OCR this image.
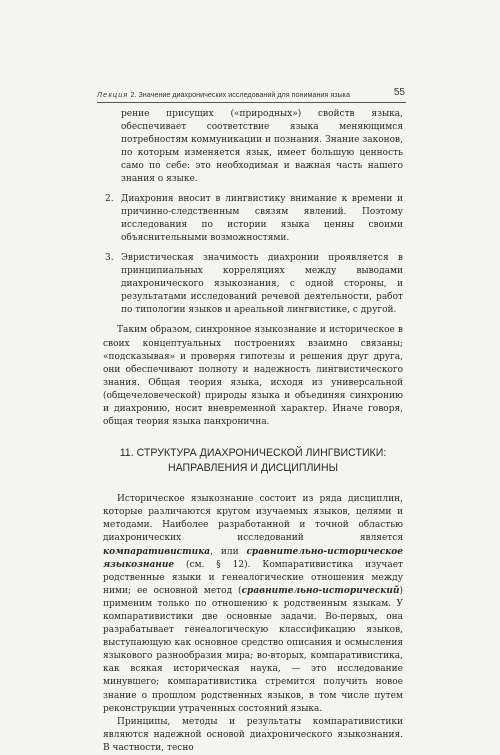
Лекция 2. Значение диахронических исследований для понимания языка	55

рение присущих («природных») свойств языка, обеспечивает соответствие языка меняющимся потребностям коммуникации и познания. Знание законов, по которым изменяется язык, имеет большую ценность само по себе: это необходимая и важная часть нашего знания о языке.

2. Диахрония вносит в лингвистику внимание к времени и причинно-следственным связям явлений. Поэтому исследования по истории языка ценны своими объяснительными возможностями.
3. Эвристическая значимость диахронии проявляется в принципиальных корреляциях между выводами диахронического языкознания, с одной стороны, и результатами исследований речевой деятельности, работ по типологии языков и ареальной лингвистике, с другой.

Таким образом, синхронное языкознание и историческое в своих концептуальных построениях взаимно связаны; «подсказывая» и проверяя гипотезы и решения друг друга, они обеспечивают полноту и надежность лингвистического знания. Общая теория языка, исходя из универсальной (общечеловеческой) природы языка и объединяя синхронию и диахронию, носит вневременной характер. Иначе говоря, общая теория языка панхронична.

11. СТРУКТУРА ДИАХРОНИЧЕСКОЙ ЛИНГВИСТИКИ:
НАПРАВЛЕНИЯ И ДИСЦИПЛИНЫ

Историческое языкознание состоит из ряда дисциплин, которые различаются кругом изучаемых языков, целями и методами. Наиболее разработанной и точной областью диахронических исследований является компаративистика, или сравнительно-историческое языкознание (см. § 12). Компаративистика изучает родственные языки и генеалогические отношения между ними; ее основной метод (сравнительно-исторический) применим только по отношению к родственным языкам. У компаративистики две основные задачи. Во-первых, она разрабатывает генеалогическую классификацию языков, выступающую как основное средство описания и осмысления языкового разнообразия мира; во-вторых, компаративистика, как всякая историческая наука, — это исследование минувшего; компаративистика стремится получить новое знание о прошлом родственных языков, в том числе путем реконструкции утраченных состояний языка.

Принципы, методы и результаты компаративистики являются надежной основой диахронического языкознания. В частности, тесно
